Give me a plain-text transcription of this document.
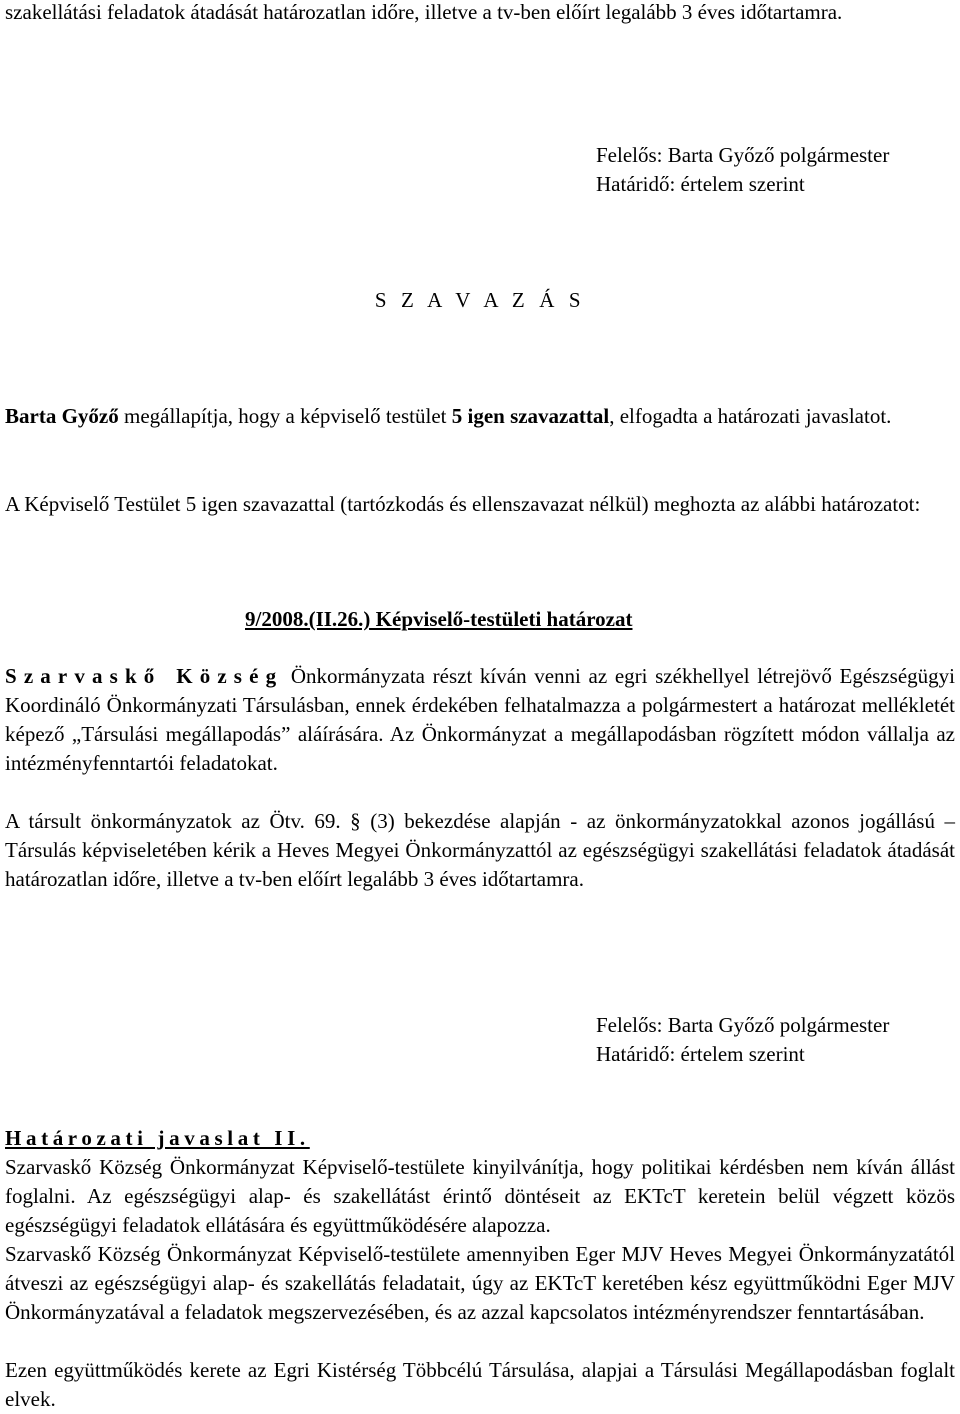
szakellátási feladatok átadását határozatlan időre, illetve a tv-ben előírt legalább 3 éves időtartamra.

Felelős: Barta Győző polgármester
Határidő: értelem szerint
S Z A V A Z Á S

Barta Győző megállapítja, hogy a képviselő testület 5 igen szavazattal, elfogadta a határozati javaslatot.

A Képviselő Testület 5 igen szavazattal (tartózkodás és ellenszavazat nélkül) meghozta az alábbi határozatot:

9/2008.(II.26.) Képviselő-testületi határozat

Szarvaskő Község Önkormányzata részt kíván venni az egri székhellyel létrejövő Egészségügyi Koordináló Önkormányzati Társulásban, ennek érdekében felhatalmazza a polgármestert a határozat mellékletét képező „Társulási megállapodás” aláírására. Az Önkormányzat a megállapodásban rögzített módon vállalja az intézményfenntartói feladatokat.

A társult önkormányzatok az Ötv. 69. § (3) bekezdése alapján - az önkormányzatokkal azonos jogállású – Társulás képviseletében kérik a Heves Megyei Önkormányzattól az egészségügyi szakellátási feladatok átadását határozatlan időre, illetve a tv-ben előírt legalább 3 éves időtartamra.

Felelős: Barta Győző polgármester
Határidő: értelem szerint
Határozati javaslat II.

Szarvaskő Község Önkormányzat Képviselő-testülete kinyilvánítja, hogy politikai kérdésben nem kíván állást foglalni. Az egészségügyi alap- és szakellátást érintő döntéseit az EKTcT keretein belül végzett közös egészségügyi feladatok ellátására és együttműködésére alapozza.

Szarvaskő Község Önkormányzat Képviselő-testülete amennyiben Eger MJV Heves Megyei Önkormányzatától átveszi az egészségügyi alap- és szakellátás feladatait, úgy az EKTcT keretében kész együttműködni Eger MJV Önkormányzatával a feladatok megszervezésében, és az azzal kapcsolatos intézményrendszer fenntartásában.

Ezen együttműködés kerete az Egri Kistérség Többcélú Társulása, alapjai a Társulási Megállapodásban foglalt elvek.
